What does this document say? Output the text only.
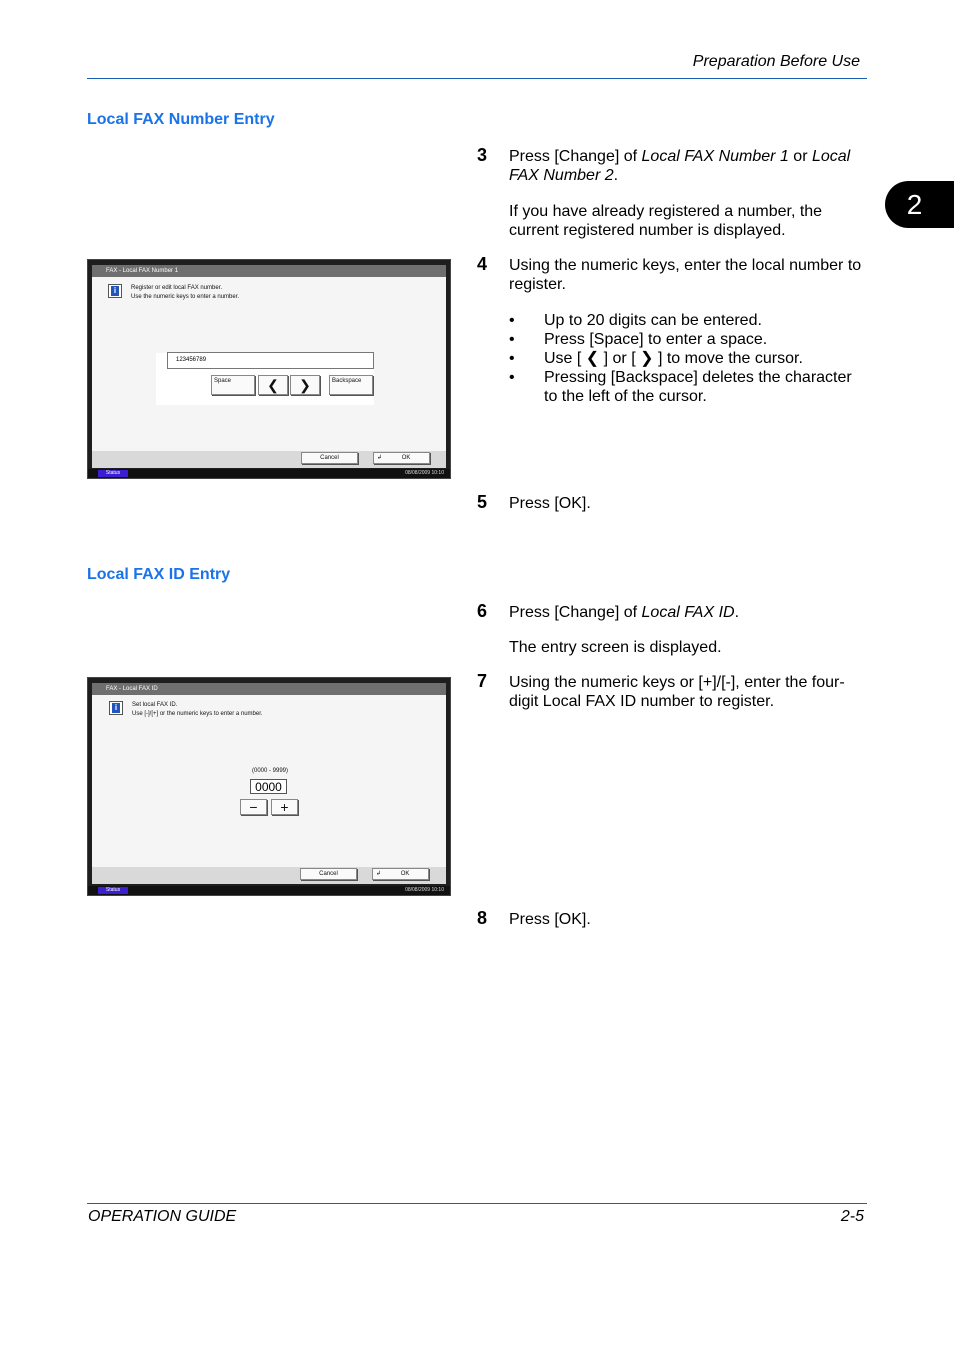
Preparation Before Use
2
Local FAX Number Entry
3 Press [Change] of Local FAX Number 1 or Local FAX Number 2.
If you have already registered a number, the current registered number is displayed.
4 Using the numeric keys, enter the local number to register.
• Up to 20 digits can be entered.
• Press [Space] to enter a space.
• Use [ ❮ ] or [ ❯ ] to move the cursor.
• Pressing [Backspace] deletes the character to the left of the cursor.
5 Press [OK].
FAX - Local FAX Number 1
i	Register or edit local FAX number.
Use the numeric keys to enter a number.
123456789
Space	❮	❯	Backspace
Cancel	↲	OK
Status	08/08/2009 10:10
Local FAX ID Entry
6 Press [Change] of Local FAX ID.
The entry screen is displayed.
7 Using the numeric keys or [+]/[-], enter the four-digit Local FAX ID number to register.
8 Press [OK].
FAX - Local FAX ID
i	Set local FAX ID.
Use [-]/[+] or the numeric keys to enter a number.
(0000 - 9999)
0000
−	+
Cancel	↲	OK
Status	08/08/2009 10:10
OPERATION GUIDE	2-5
